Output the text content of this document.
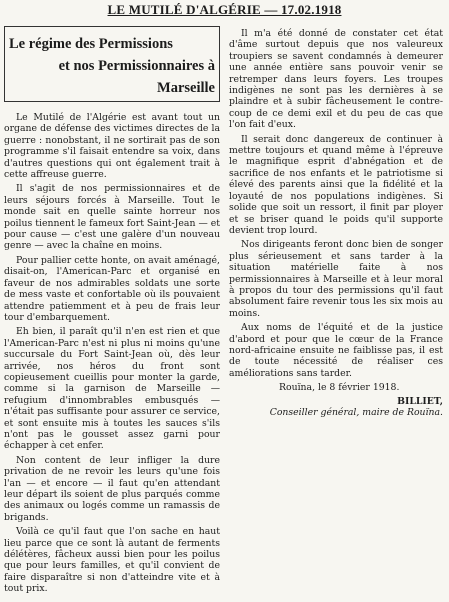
LE MUTILÉ D'ALGÉRIE — 17.02.1918
Le régime des Permissions
et nos Permissionnaires à Marseille

Le Mutilé de l'Algérie est avant tout un organe de défense des victimes directes de la guerre : nonobstant, il ne sortirait pas de son programme s'il faisait entendre sa voix, dans d'autres questions qui ont également trait à cette affreuse guerre.

Il s'agit de nos permissionnaires et de leurs séjours forcés à Marseille. Tout le monde sait en quelle sainte horreur nos poilus tiennent le fameux fort Saint-Jean — et pour cause — c'est une galère d'un nouveau genre — avec la chaîne en moins.

Pour pallier cette honte, on avait aménagé, disait-on, l'American-Parc et organisé en faveur de nos admirables soldats une sorte de mess vaste et confortable où ils pouvaient attendre patiemment et à peu de frais leur tour d'embarquement.

Eh bien, il paraît qu'il n'en est rien et que l'American-Parc n'est ni plus ni moins qu'une succursale du Fort Saint-Jean où, dès leur arrivée, nos héros du front sont copieusement cueillis pour monter la garde, comme si la garnison de Marseille — refugium d'innombrables embusqués — n'était pas suffisante pour assurer ce service, et sont ensuite mis à toutes les sauces s'ils n'ont pas le gousset assez garni pour échapper à cet enfer.

Non content de leur infliger la dure privation de ne revoir les leurs qu'une fois l'an — et encore — il faut qu'en attendant leur départ ils soient de plus parqués comme des animaux ou logés comme un ramassis de brigands.

Voilà ce qu'il faut que l'on sache en haut lieu parce que ce sont là autant de ferments délétères, fâcheux aussi bien pour les poilus que pour leurs familles, et qu'il convient de faire disparaître si non d'atteindre vite et à tout prix.

Il m'a été donné de constater cet état d'âme surtout depuis que nos valeureux troupiers se savent condamnés à demeurer une année entière sans pouvoir venir se retremper dans leurs foyers. Les troupes indigènes ne sont pas les dernières à se plaindre et à subir fâcheusement le contre-coup de ce demi exil et du peu de cas que l'on fait d'eux.

Il serait donc dangereux de continuer à mettre toujours et quand même à l'épreuve le magnifique esprit d'abnégation et de sacrifice de nos enfants et le patriotisme si élevé des parents ainsi que la fidélité et la loyauté de nos populations indigènes. Si solide que soit un ressort, il finit par ployer et se briser quand le poids qu'il supporte devient trop lourd.

Nos dirigeants feront donc bien de songer plus sérieusement et sans tarder à la situation matérielle faite à nos permissionnaires à Marseille et à leur moral à propos du tour des permissions qu'il faut absolument faire revenir tous les six mois au moins.

Aux noms de l'équité et de la justice d'abord et pour que le cœur de la France nord-africaine ensuite ne faiblisse pas, il est de toute nécessité de réaliser ces améliorations sans tarder.

Rouïna, le 8 février 1918.

BILLIET,

Conseiller général, maire de Rouïna.
